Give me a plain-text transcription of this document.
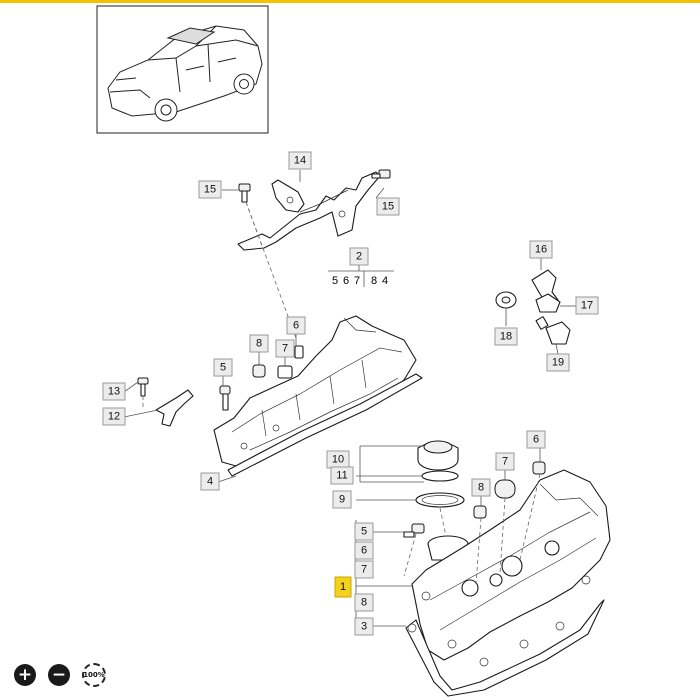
5 6 7 8 4
14
15
15
2
16
17
18
19
8
6
7
5
13
12
4
10
11
9
6
7
8
5
6
7
1
8
3
+ −	100%
